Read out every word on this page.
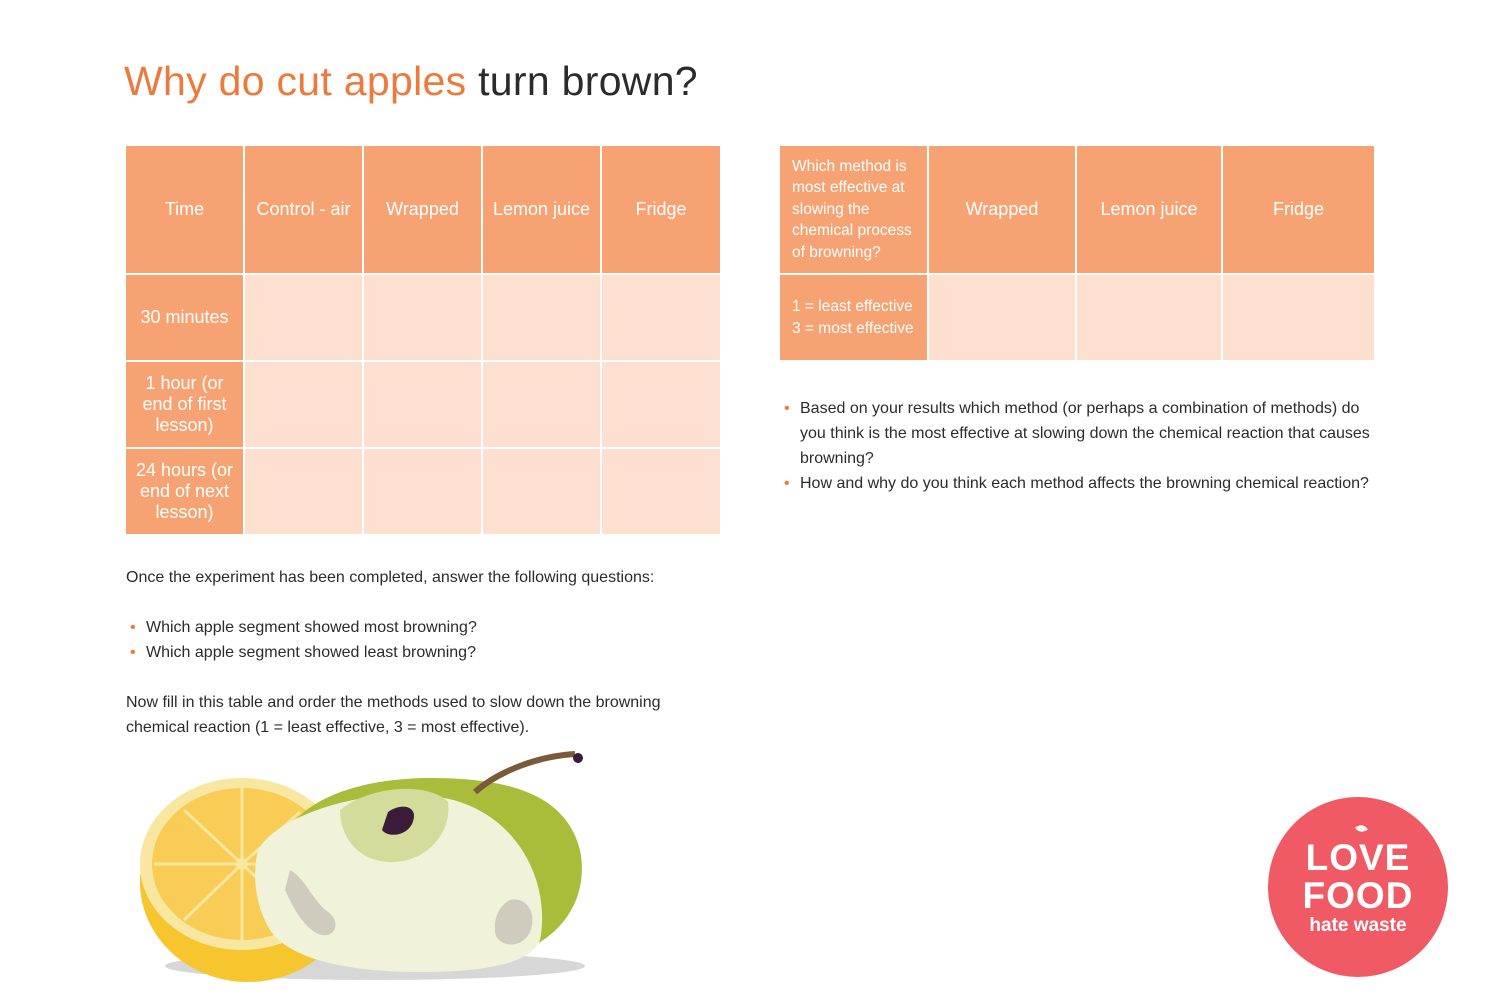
Why do cut apples turn brown?
Time	Control - air	Wrapped	Lemon juice	Fridge
30 minutes				
1 hour (or end of first lesson)				
24 hours (or end of next lesson)				
Which method is most effective at slowing the chemical process of browning?	Wrapped	Lemon juice	Fridge
1 = least effective
3 = most effective			

Once the experiment has been completed, answer the following questions:

• Which apple segment showed most browning?
• Which apple segment showed least browning?

Now fill in this table and order the methods used to slow down the browning chemical reaction (1 = least effective, 3 = most effective).

• Based on your results which method (or perhaps a combination of methods) do you think is the most effective at slowing down the chemical reaction that causes browning?
• How and why do you think each method affects the browning chemical reaction?
LOVE
FOOD
hate waste
